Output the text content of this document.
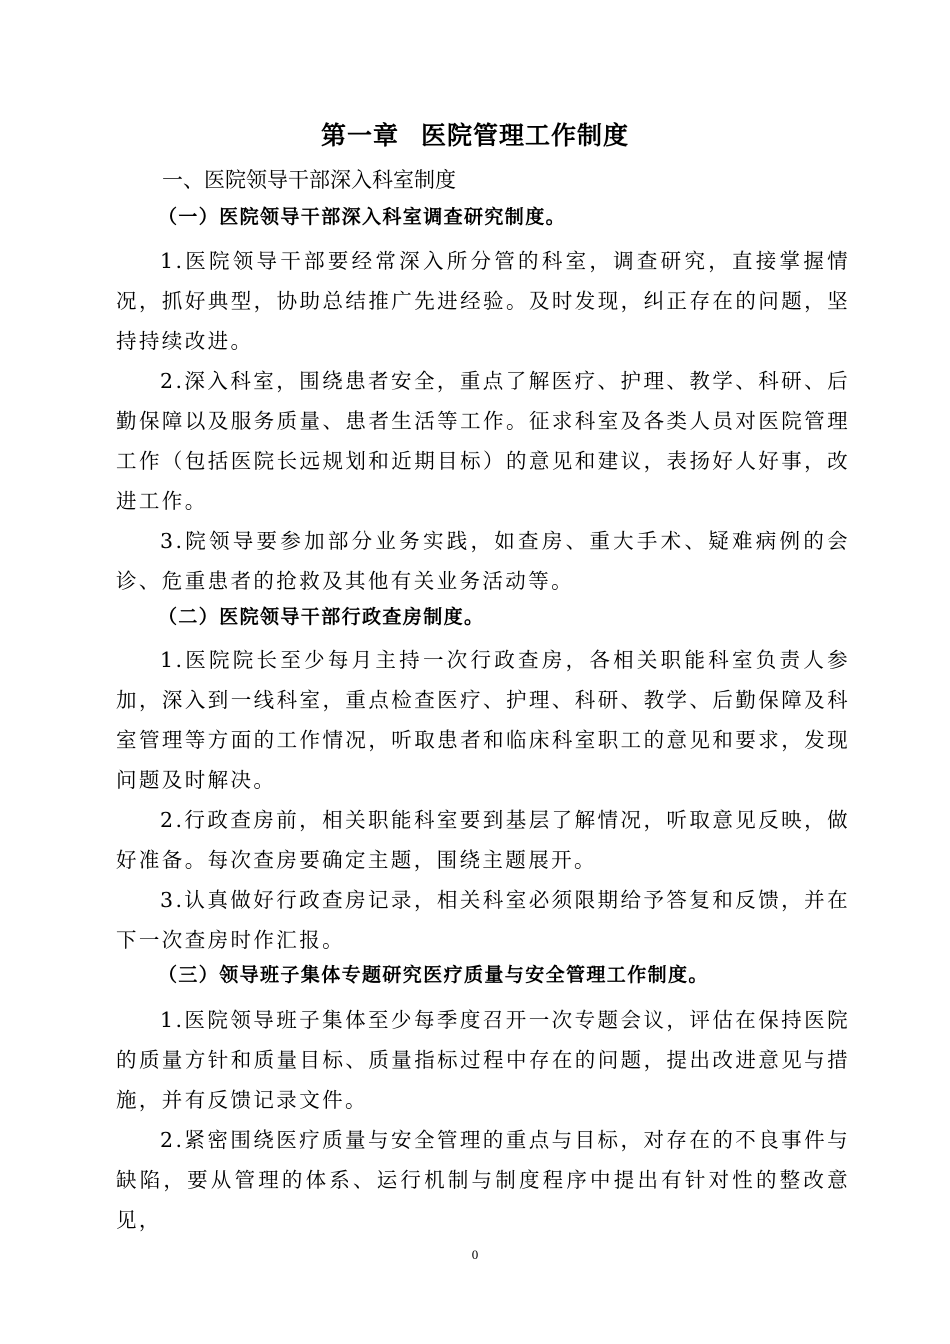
第一章 医院管理工作制度
一、医院领导干部深入科室制度
（一）医院领导干部深入科室调查研究制度。
1.医院领导干部要经常深入所分管的科室，调查研究，直接掌握情况，抓好典型，协助总结推广先进经验。及时发现，纠正存在的问题，坚持持续改进。
2.深入科室，围绕患者安全，重点了解医疗、护理、教学、科研、后勤保障以及服务质量、患者生活等工作。征求科室及各类人员对医院管理工作（包括医院长远规划和近期目标）的意见和建议，表扬好人好事，改进工作。
3.院领导要参加部分业务实践，如查房、重大手术、疑难病例的会诊、危重患者的抢救及其他有关业务活动等。
（二）医院领导干部行政查房制度。
1.医院院长至少每月主持一次行政查房，各相关职能科室负责人参加，深入到一线科室，重点检查医疗、护理、科研、教学、后勤保障及科室管理等方面的工作情况，听取患者和临床科室职工的意见和要求，发现问题及时解决。
2.行政查房前，相关职能科室要到基层了解情况，听取意见反映，做好准备。每次查房要确定主题，围绕主题展开。
3.认真做好行政查房记录，相关科室必须限期给予答复和反馈，并在下一次查房时作汇报。
（三）领导班子集体专题研究医疗质量与安全管理工作制度。
1.医院领导班子集体至少每季度召开一次专题会议，评估在保持医院的质量方针和质量目标、质量指标过程中存在的问题，提出改进意见与措施，并有反馈记录文件。
2.紧密围绕医疗质量与安全管理的重点与目标，对存在的不良事件与缺陷，要从管理的体系、运行机制与制度程序中提出有针对性的整改意见，
0
